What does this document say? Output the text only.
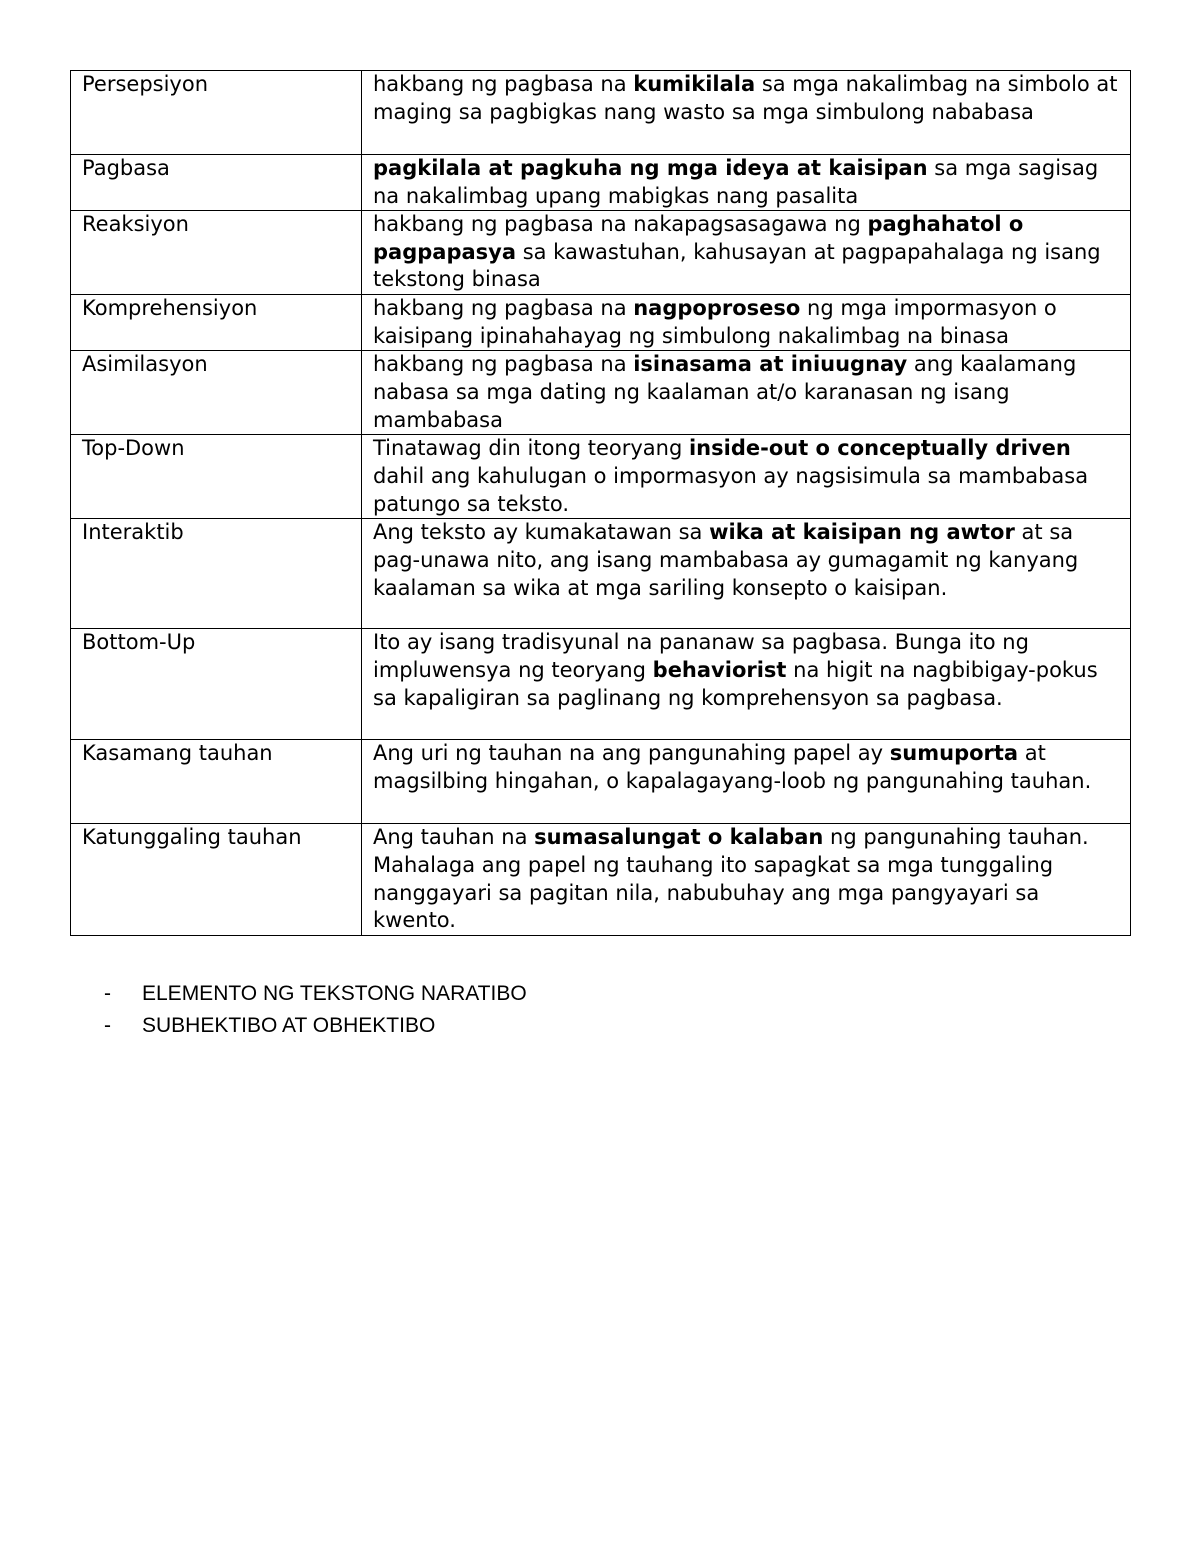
Persepsiyon	hakbang ng pagbasa na kumikilala sa mga nakalimbag na simbolo at maging sa pagbigkas nang wasto sa mga simbulong nababasa
Pagbasa	pagkilala at pagkuha ng mga ideya at kaisipan sa mga sagisag na nakalimbag upang mabigkas nang pasalita
Reaksiyon	hakbang ng pagbasa na nakapagsasagawa ng paghahatol o pagpapasya sa kawastuhan, kahusayan at pagpapahalaga ng isang tekstong binasa
Komprehensiyon	hakbang ng pagbasa na nagpoproseso ng mga impormasyon o kaisipang ipinahahayag ng simbulong nakalimbag na binasa
Asimilasyon	hakbang ng pagbasa na isinasama at iniuugnay ang kaalamang nabasa sa mga dating ng kaalaman at/o karanasan ng isang mambabasa
Top-Down	Tinatawag din itong teoryang inside-out o conceptually driven dahil ang kahulugan o impormasyon ay nagsisimula sa mambabasa patungo sa teksto.
Interaktib	Ang teksto ay kumakatawan sa wika at kaisipan ng awtor at sa pag-unawa nito, ang isang mambabasa ay gumagamit ng kanyang kaalaman sa wika at mga sariling konsepto o kaisipan.
Bottom-Up	Ito ay isang tradisyunal na pananaw sa pagbasa. Bunga ito ng impluwensya ng teoryang behaviorist na higit na nagbibigay-pokus sa kapaligiran sa paglinang ng komprehensyon sa pagbasa.
Kasamang tauhan	Ang uri ng tauhan na ang pangunahing papel ay sumuporta at magsilbing hingahan, o kapalagayang-loob ng pangunahing tauhan.
Katunggaling tauhan	Ang tauhan na sumasalungat o kalaban ng pangunahing tauhan. Mahalaga ang papel ng tauhang ito sapagkat sa mga tunggaling nanggayari sa pagitan nila, nabubuhay ang mga pangyayari sa kwento.
-	ELEMENTO NG TEKSTONG NARATIBO
-	SUBHEKTIBO AT OBHEKTIBO
